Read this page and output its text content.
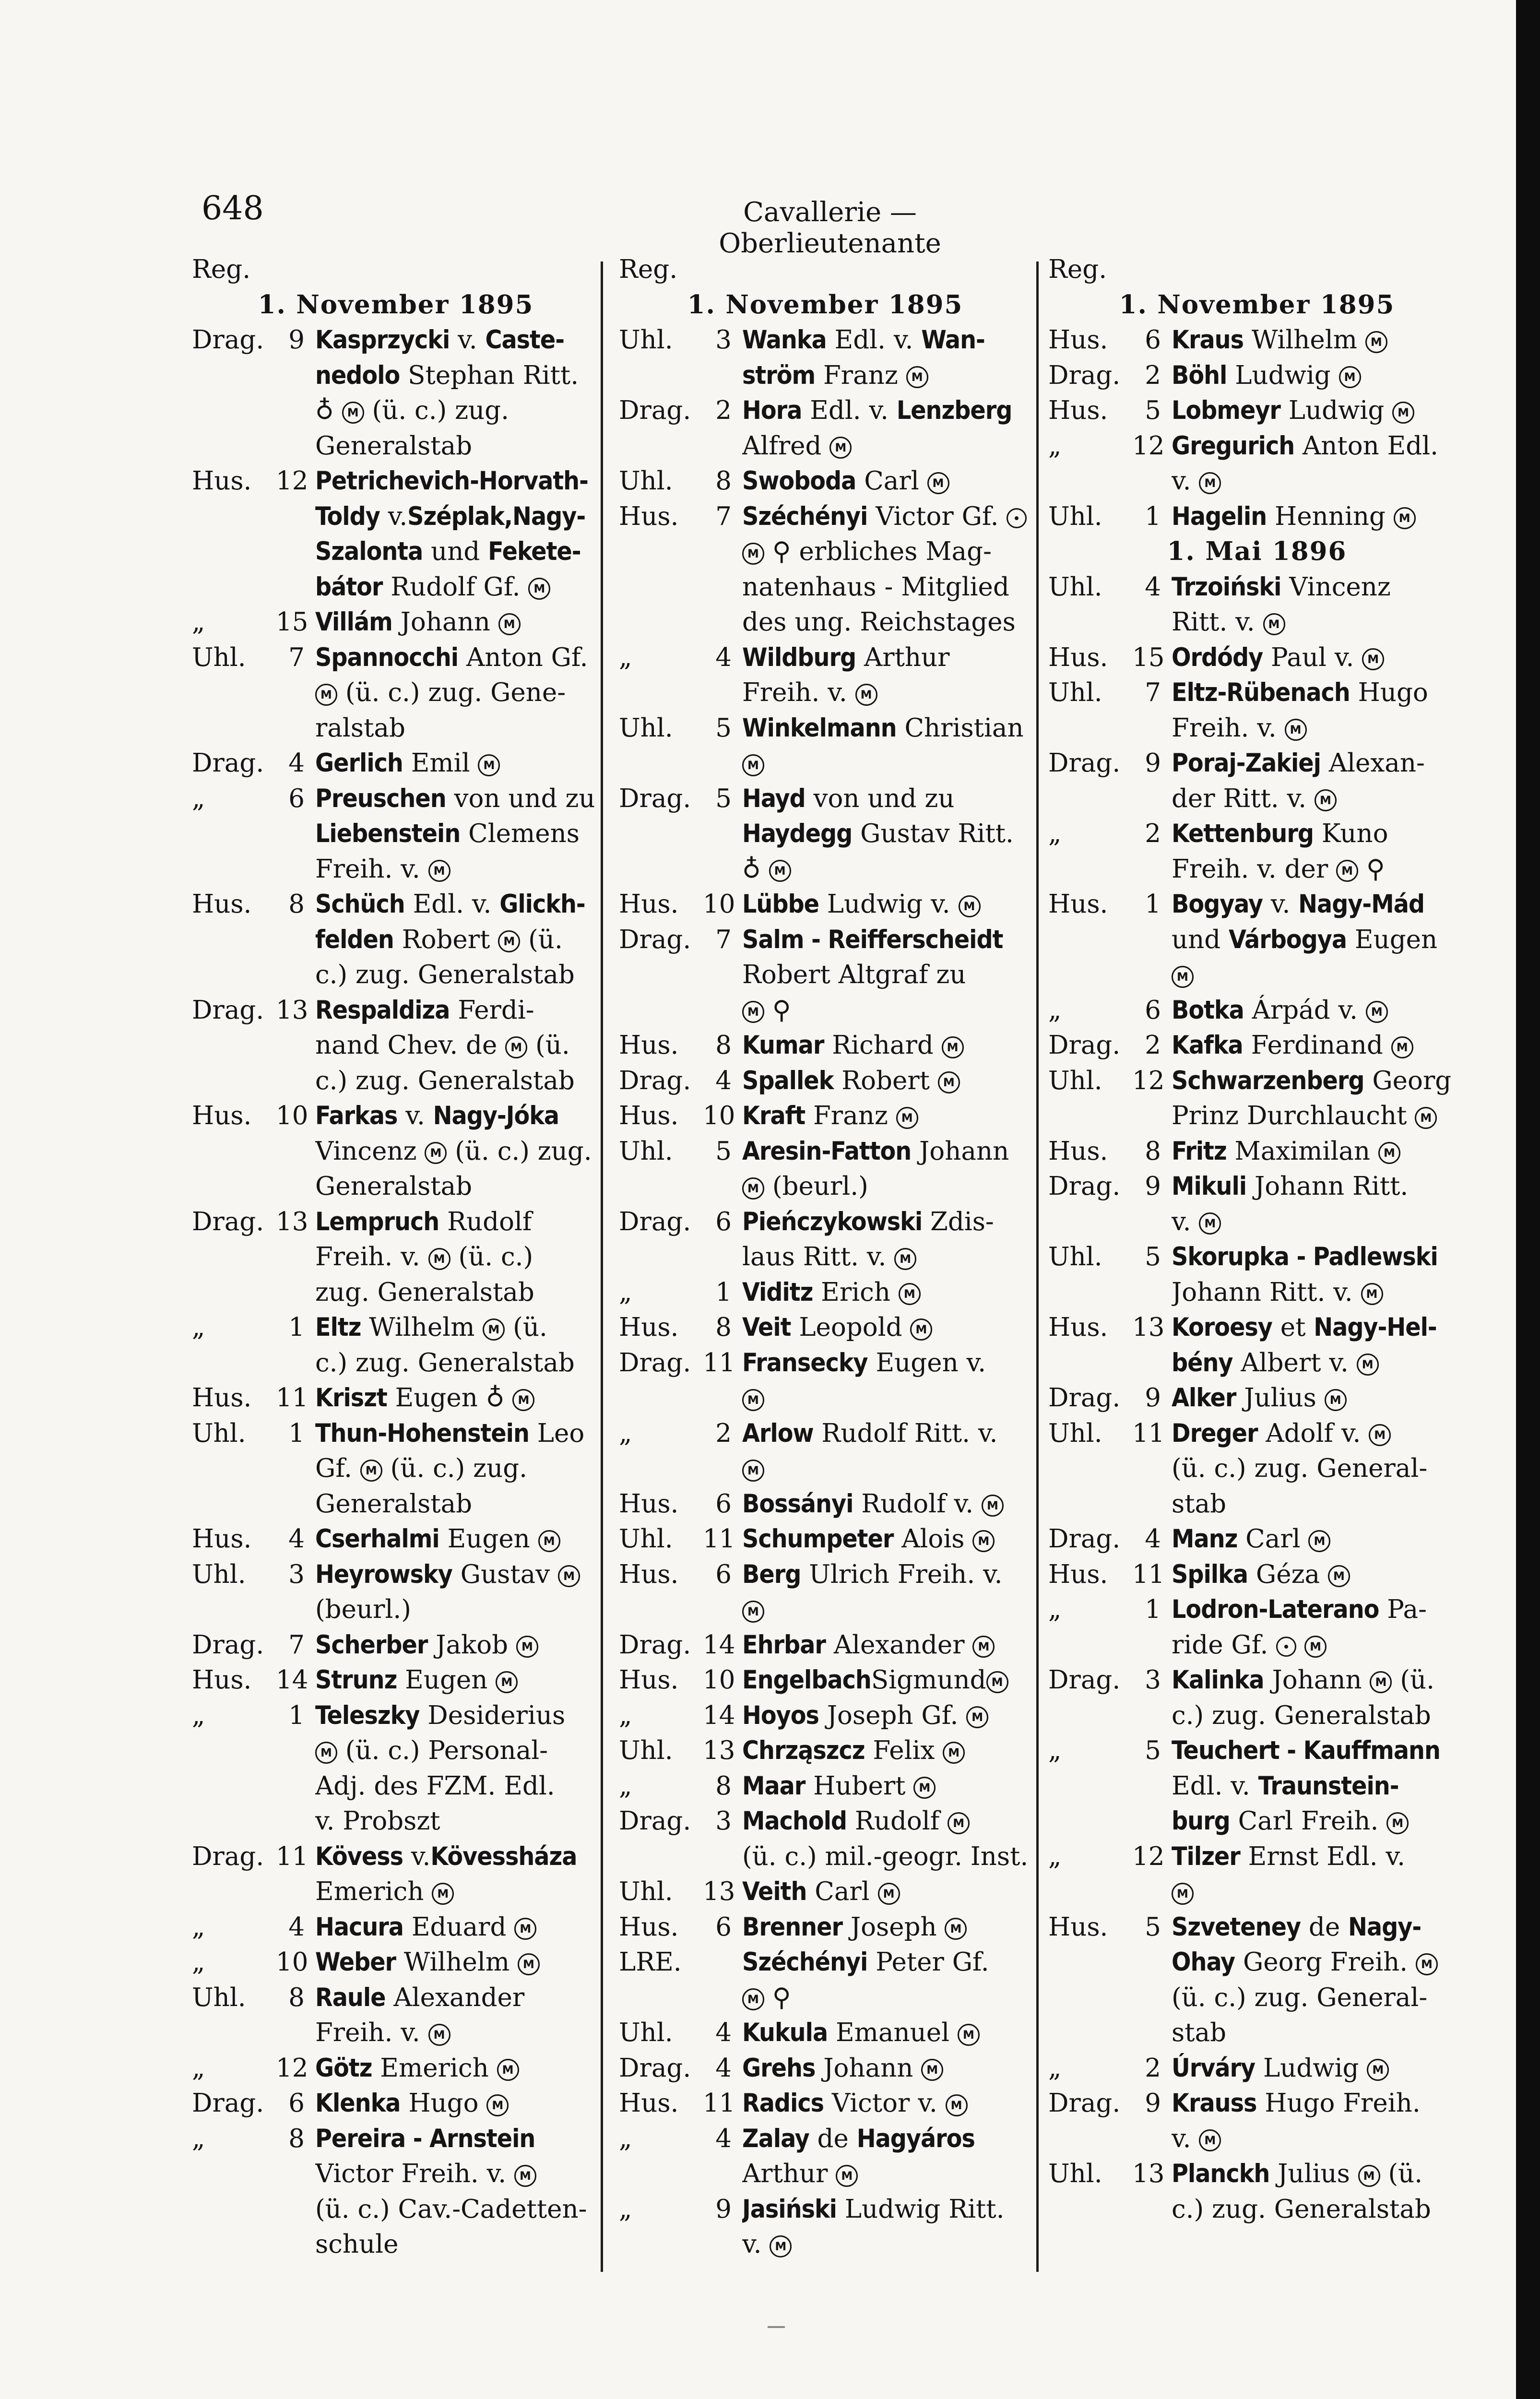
648	Cavallerie — Oberlieutenante
Reg.
1. November 1895
Drag. 9 Kasprzycki v. Caste-
nedolo Stephan Ritt.
♁ M (ü. c.) zug.
Generalstab
Hus. 12 Petrichevich-Horvath-
Toldy v.Széplak,Nagy-
Szalonta und Fekete-
bátor Rudolf Gf. M
„	15 Villám Johann M
Uhl.	7 Spannocchi Anton Gf.
M (ü. c.) zug. Gene-
ralstab
Drag. 4 Gerlich Emil M
„	6 Preuschen von und zu
Liebenstein Clemens
Freih. v. M
Hus.	8 Schüch Edl. v. Glickh-
felden Robert M (ü.
c.) zug. Generalstab
Drag. 13 Respaldiza Ferdi-
nand Chev. de M (ü.
c.) zug. Generalstab
Hus. 10 Farkas v. Nagy-Jóka
Vincenz M (ü. c.) zug.
Generalstab
Drag. 13 Lempruch Rudolf
Freih. v. M (ü. c.)
zug. Generalstab
„	1 Eltz Wilhelm M (ü.
c.) zug. Generalstab
Hus. 11 Kriszt Eugen ♁ M
Uhl.	1 Thun-Hohenstein Leo
Gf. M (ü. c.) zug.
Generalstab
Hus.	4 Cserhalmi Eugen M
Uhl.	3 Heyrowsky Gustav M
(beurl.)
Drag. 7 Scherber Jakob M
Hus. 14 Strunz Eugen M
„	1 Teleszky Desiderius
M (ü. c.) Personal-
Adj. des FZM. Edl.
v. Probszt
Drag. 11 Kövess v.Kövessháza
Emerich M
„	4 Hacura Eduard M
„	10 Weber Wilhelm M
Uhl.	8 Raule Alexander
Freih. v. M
„	12 Götz Emerich M
Drag. 6 Klenka Hugo M
„	8 Pereira - Arnstein
Victor Freih. v. M
(ü. c.) Cav.-Cadetten-
schule
Reg.
1. November 1895
Uhl.	3 Wanka Edl. v. Wan-
ström Franz M
Drag. 2 Hora Edl. v. Lenzberg
Alfred M
Uhl.	8 Swoboda Carl M
Hus.	7 Széchényi Victor Gf.
M ⚲ erbliches Mag-
natenhaus - Mitglied
des ung. Reichstages
„	4 Wildburg Arthur
Freih. v. M
Uhl.	5 Winkelmann Christian
M
Drag. 5 Hayd von und zu
Haydegg Gustav Ritt.
♁ M
Hus. 10 Lübbe Ludwig v. M
Drag. 7 Salm - Reifferscheidt
Robert Altgraf zu
M ⚲
Hus.	8 Kumar Richard M
Drag. 4 Spallek Robert M
Hus. 10 Kraft Franz M
Uhl.	5 Aresin-Fatton Johann
M (beurl.)
Drag. 6 Pieńczykowski Zdis-
laus Ritt. v. M
„	1 Viditz Erich M
Hus.	8 Veit Leopold M
Drag. 11 Fransecky Eugen v.
M
„	2 Arlow Rudolf Ritt. v.
M
Hus.	6 Bossányi Rudolf v. M
Uhl.	11 Schumpeter Alois M
Hus.	6 Berg Ulrich Freih. v.
M
Drag. 14 Ehrbar Alexander M
Hus. 10 EngelbachSigmund M
„	14 Hoyos Joseph Gf. M
Uhl.	13 Chrząszcz Felix M
„	8 Maar Hubert M
Drag. 3 Machold Rudolf M
(ü. c.) mil.-geogr. Inst.
Uhl.	13 Veith Carl M
Hus.	6 Brenner Joseph M
LRE.	Széchényi Peter Gf.
M ⚲
Uhl.	4 Kukula Emanuel M
Drag. 4 Grehs Johann M
Hus. 11 Radics Victor v. M
„	4 Zalay de Hagyáros
Arthur M
„	9 Jasiński Ludwig Ritt.
v. M
Reg.
1. November 1895
Hus.	6 Kraus Wilhelm M
Drag. 2 Böhl Ludwig M
Hus.	5 Lobmeyr Ludwig M
„	12 Gregurich Anton Edl.
v. M
Uhl.	1 Hagelin Henning M
1. Mai 1896
Uhl.	4 Trzoiński Vincenz
Ritt. v. M
Hus. 15 Ordódy Paul v. M
Uhl.	7 Eltz-Rübenach Hugo
Freih. v. M
Drag. 9 Poraj-Zakiej Alexan-
der Ritt. v. M
„	2 Kettenburg Kuno
Freih. v. der M ⚲
Hus.	1 Bogyay v. Nagy-Mád
und Várbogya Eugen
M
„	6 Botka Árpád v. M
Drag. 2 Kafka Ferdinand M
Uhl.	12 Schwarzenberg Georg
Prinz Durchlaucht M
Hus.	8 Fritz Maximilan M
Drag. 9 Mikuli Johann Ritt.
v. M
Uhl.	5 Skorupka - Padlewski
Johann Ritt. v. M
Hus. 13 Koroesy et Nagy-Hel-
bény Albert v. M
Drag. 9 Alker Julius M
Uhl.	11 Dreger Adolf v. M
(ü. c.) zug. General-
stab
Drag. 4 Manz Carl M
Hus. 11 Spilka Géza M
„	1 Lodron-Laterano Pa-
ride Gf.	M
Drag. 3 Kalinka Johann M (ü.
c.) zug. Generalstab
„	5 Teuchert - Kauffmann
Edl. v. Traunstein-
burg Carl Freih. M
„	12 Tilzer Ernst Edl. v.
M
Hus.	5 Szveteney de Nagy-
Ohay Georg Freih. M
(ü. c.) zug. General-
stab
„	2 Úrváry Ludwig M
Drag. 9 Krauss Hugo Freih.
v. M
Uhl.	13 Planckh Julius M (ü.
c.) zug. Generalstab
